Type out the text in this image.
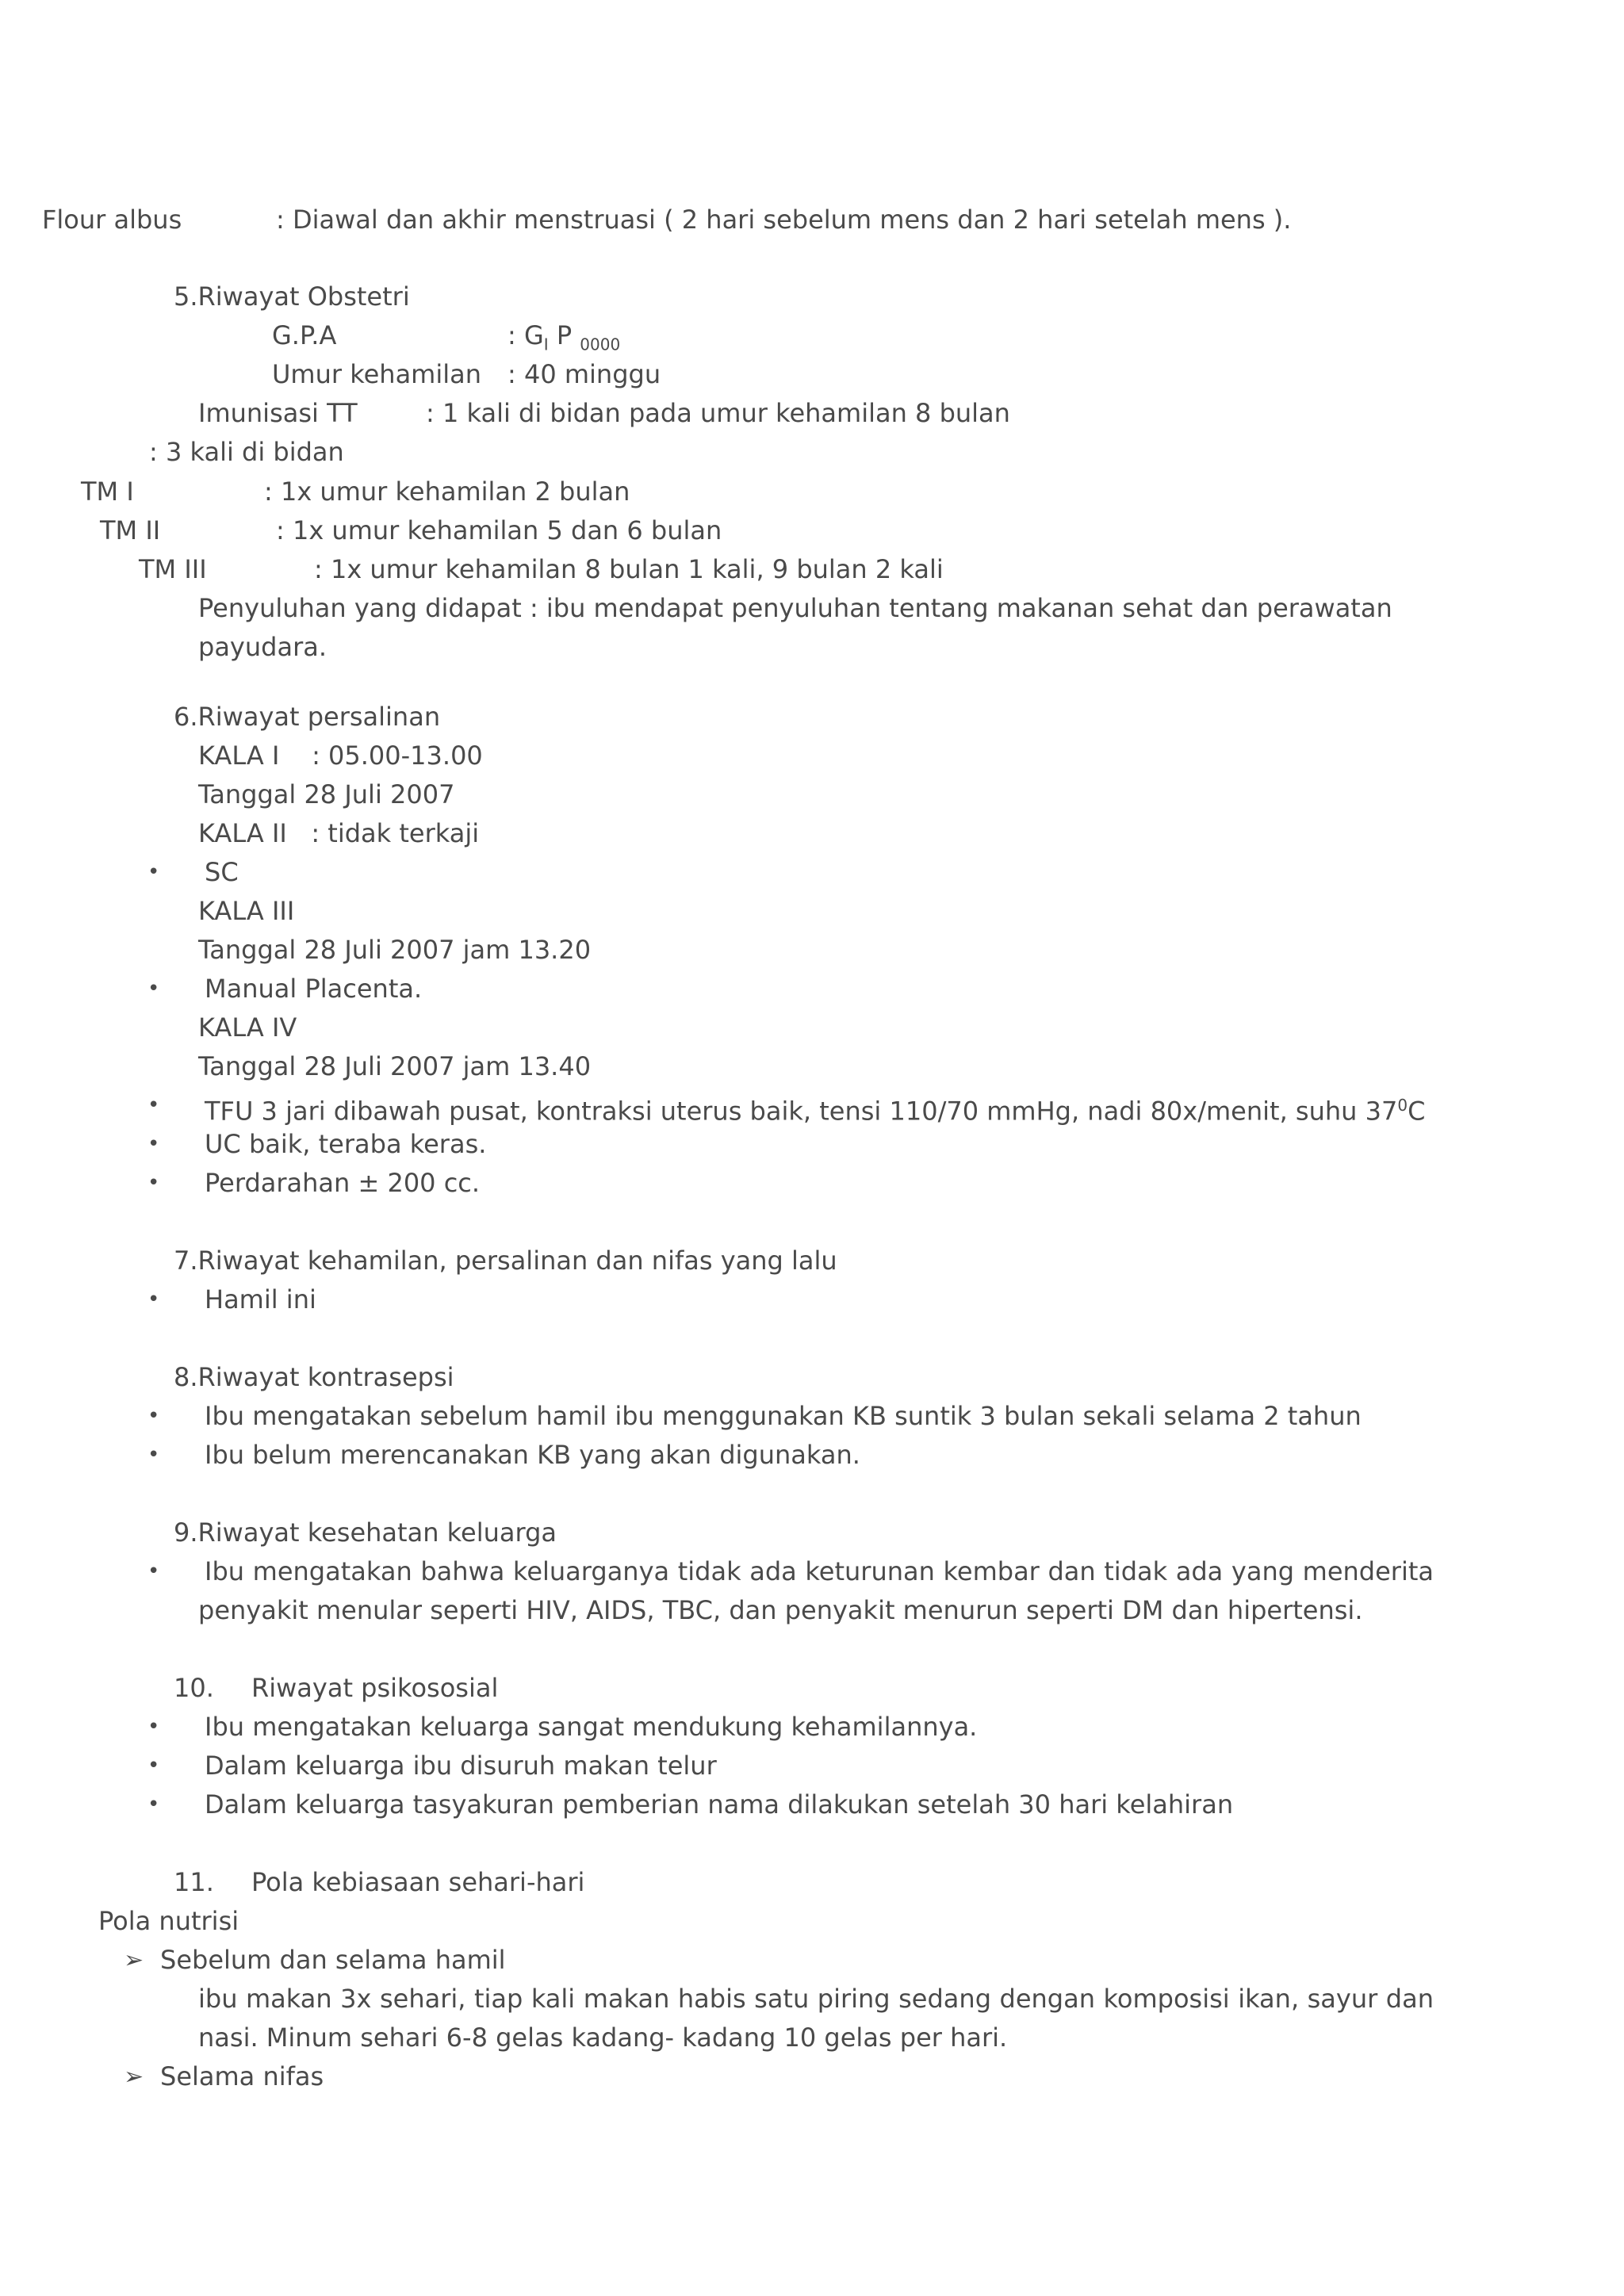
Flour albus	: Diawal dan akhir menstruasi ( 2 hari sebelum mens dan 2 hari setelah mens ).
5.Riwayat Obstetri
G.P.A	: $G_I$ P $_{0000}$
Umur kehamilan : 40 minggu
Imunisasi TT	: 1 kali di bidan pada umur kehamilan 8 bulan
: 3 kali di bidan
TM I	: 1x umur kehamilan 2 bulan
TM II	: 1x umur kehamilan 5 dan 6 bulan
TM III	: 1x umur kehamilan 8 bulan 1 kali, 9 bulan 2 kali
Penyuluhan yang didapat : ibu mendapat penyuluhan tentang makanan sehat dan perawatan
payudara.
6.Riwayat persalinan
KALA I    : 05.00-13.00
Tanggal 28 Juli 2007
KALA II   : tidak terkaji
• SC
KALA III
Tanggal 28 Juli 2007 jam 13.20
• Manual Placenta.
KALA IV
Tanggal 28 Juli 2007 jam 13.40
• TFU 3 jari dibawah pusat, kontraksi uterus baik, tensi 110/70 mmHg, nadi 80x/menit, suhu $37^0C$
• UC baik, teraba keras.
• Perdarahan ± 200 cc.
7.Riwayat kehamilan, persalinan dan nifas yang lalu
• Hamil ini
8.Riwayat kontrasepsi
• Ibu mengatakan sebelum hamil ibu menggunakan KB suntik 3 bulan sekali selama 2 tahun
• Ibu belum merencanakan KB yang akan digunakan.
9.Riwayat kesehatan keluarga
• Ibu mengatakan bahwa keluarganya tidak ada keturunan kembar dan tidak ada yang menderita penyakit menular seperti HIV, AIDS, TBC, dan penyakit menurun seperti DM dan hipertensi.
10. Riwayat psikososial
• Ibu mengatakan keluarga sangat mendukung kehamilannya.
• Dalam keluarga ibu disuruh makan telur
• Dalam keluarga tasyakuran pemberian nama dilakukan setelah 30 hari kelahiran
11. Pola kebiasaan sehari-hari
Pola nutrisi
➢ Sebelum dan selama hamil
ibu makan 3x sehari, tiap kali makan habis satu piring sedang dengan komposisi ikan, sayur dan nasi. Minum sehari 6-8 gelas kadang- kadang 10 gelas per hari.
➢ Selama nifas
